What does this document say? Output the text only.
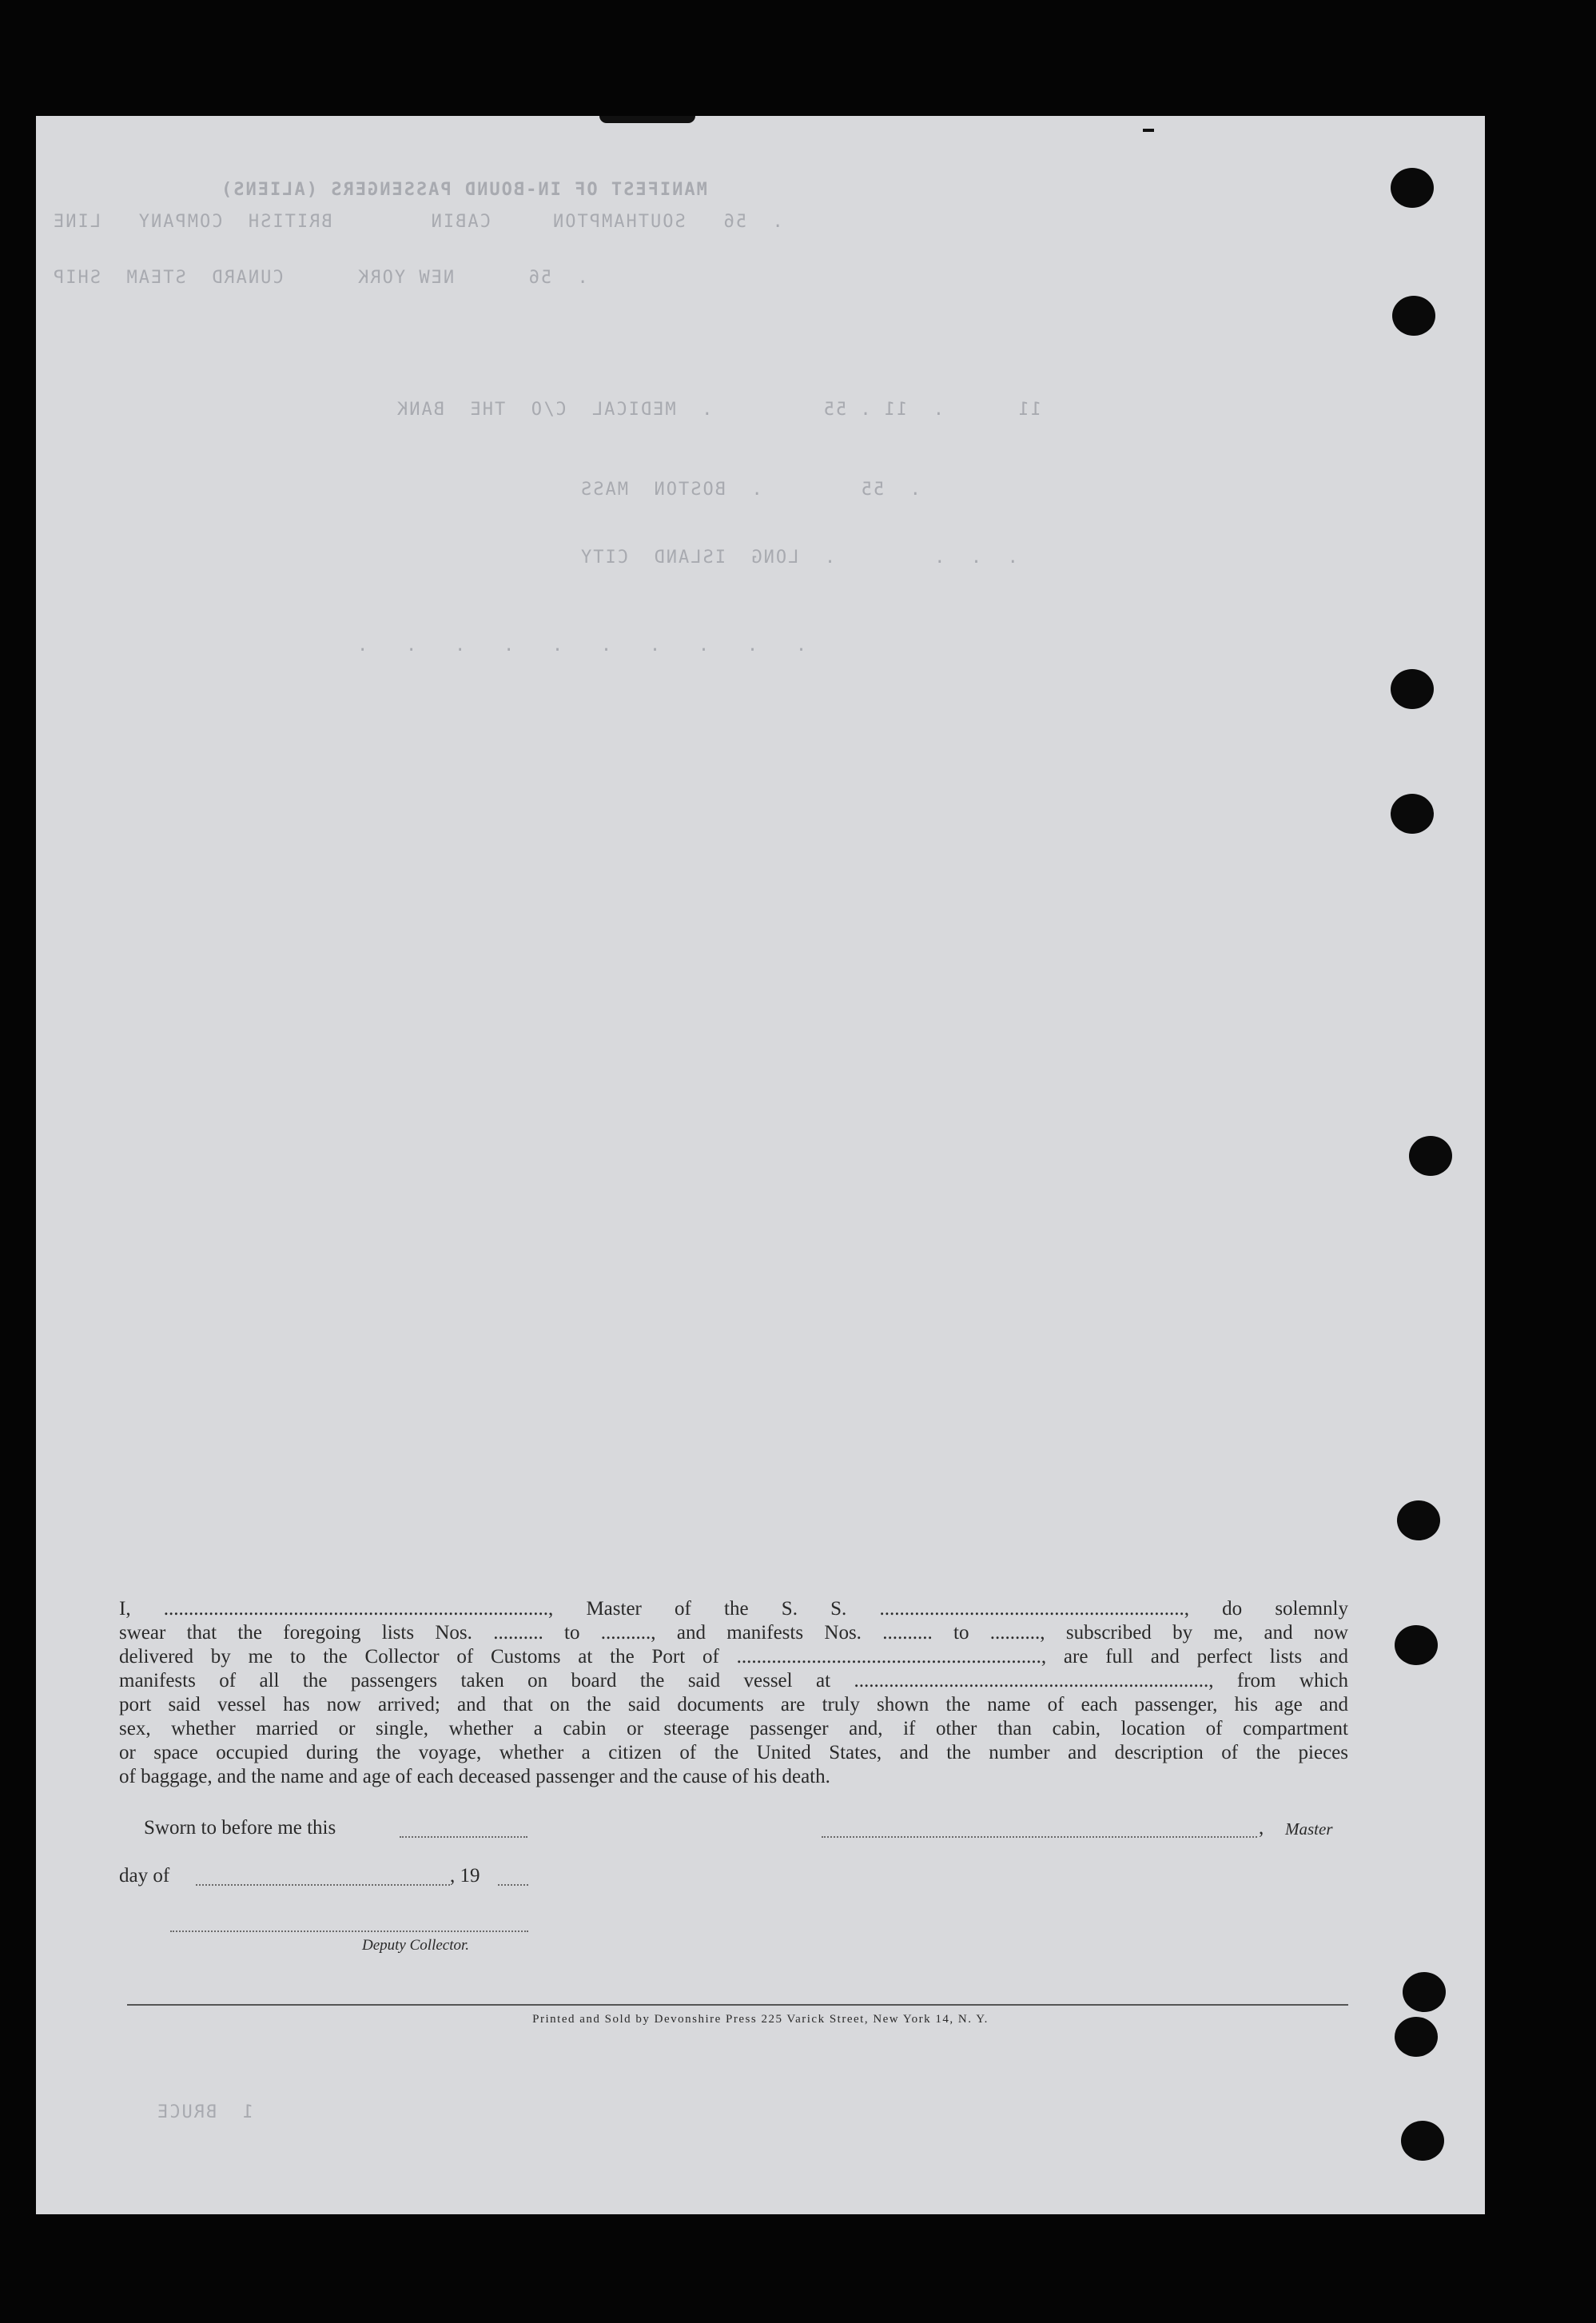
MANIFEST OF IN-BOUND PASSENGERS (ALIENS)
.  56   SOUTHAMPTON     CABIN        BRITISH  COMPANY   LINE
.  56      NEW YORK      CUNARD  STEAM  SHIP
11      .  11 . 55         .  MEDICAL  C/O  THE  BANK
.  55        .  BOSTON  MASS
.  .  .        .  LONG  ISLAND  CITY
.   .   .   .   .   .   .   .   .   .
I, ............................................................................., Master of the S. S. ............................................................., do solemnly
swear that the foregoing lists Nos. .......... to .........., and manifests Nos. .......... to .........., subscribed by me, and now
delivered by me to the Collector of Customs at the Port of ............................................................., are full and perfect lists and
manifests of all the passengers taken on board the said vessel at ......................................................................., from which
port said vessel has now arrived; and that on the said documents are truly shown the name of each passenger, his age and
sex, whether married or single, whether a cabin or steerage passenger and, if other than cabin, location of compartment
or space occupied during the voyage, whether a citizen of the United States, and the number and description of the pieces
of baggage, and the name and age of each deceased passenger and the cause of his death.
Sworn to before me this	, Master
day of	, 19
Deputy Collector.
Printed and Sold by Devonshire Press 225 Varick Street, New York 14, N. Y.
1  BRUCE
